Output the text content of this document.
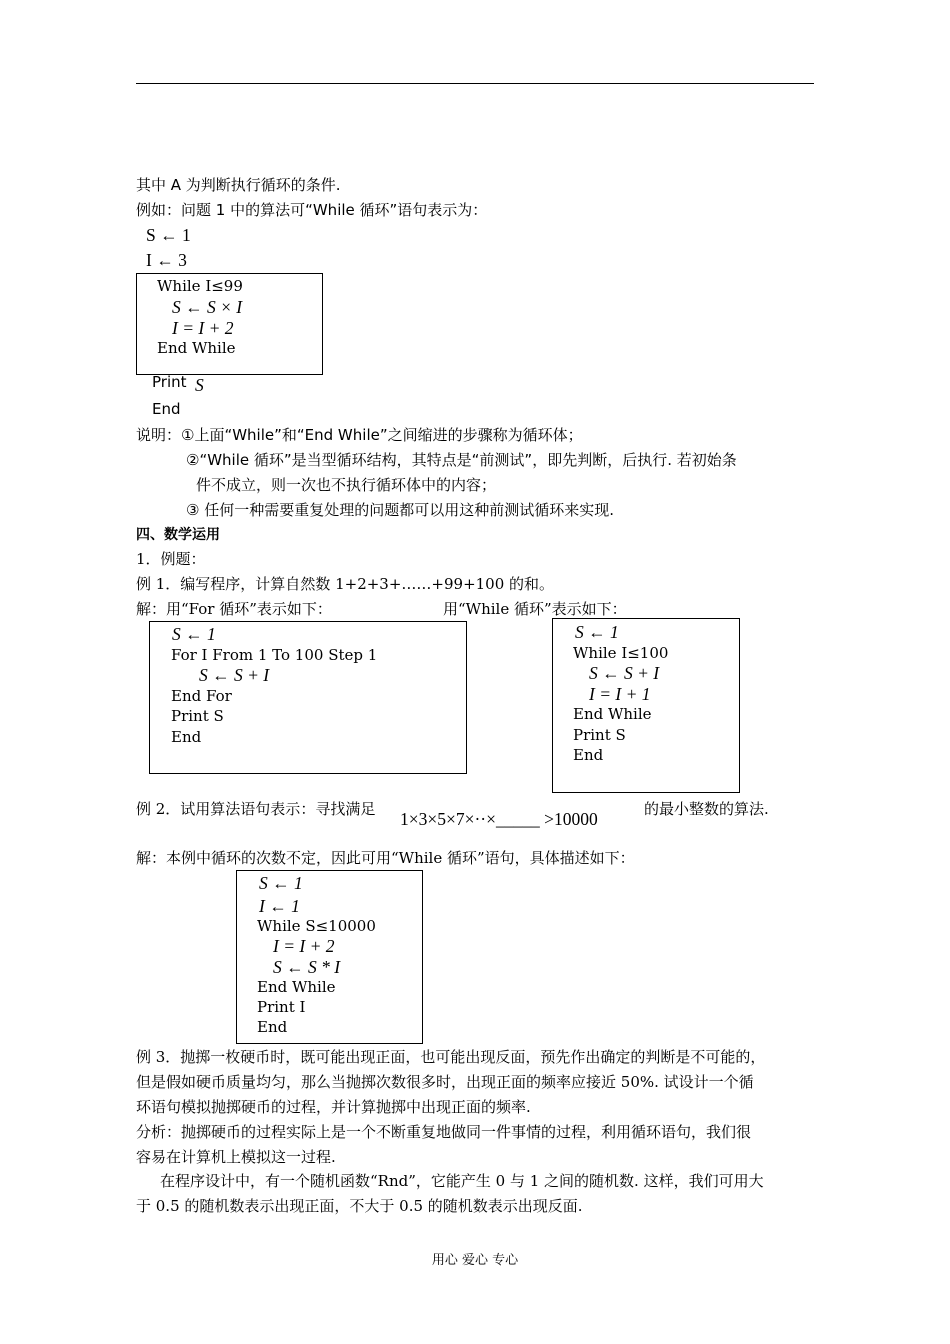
其中 A 为判断执行循环的条件.
例如：问题 1 中的算法可“While 循环”语句表示为：
S ← 1
I ← 3
While I≤99
S ← S × I
I = I + 2
End While
Print S
End
说明：①上面“While”和“End While”之间缩进的步骤称为循环体；
②“While 循环”是当型循环结构，其特点是“前测试”，即先判断，后执行. 若初始条
件不成立，则一次也不执行循环体中的内容；
③ 任何一种需要重复处理的问题都可以用这种前测试循环来实现.
四、数学运用
1．例题：
例 1．编写程序，计算自然数 1+2+3+……+99+100 的和。
解：用“For 循环”表示如下：	用“While 循环”表示如下：
S ← 1
For I From 1 To 100 Step 1
S ← S + I
End For
Print S
End
S ← 1
While I≤100
S ← S + I
I = I + 1
End While
Print S
End
例 2．试用算法语句表示：寻找满足 1×3×5×7×··×_____ >10000	的最小整数的算法.
解：本例中循环的次数不定，因此可用“While 循环”语句，具体描述如下：
S ← 1
I ← 1
While S≤10000
I = I + 2
S ← S * I
End While
Print I
End
例 3．抛掷一枚硬币时，既可能出现正面，也可能出现反面，预先作出确定的判断是不可能的，
但是假如硬币质量均匀，那么当抛掷次数很多时，出现正面的频率应接近 50%. 试设计一个循
环语句模拟抛掷硬币的过程，并计算抛掷中出现正面的频率.
分析：抛掷硬币的过程实际上是一个不断重复地做同一件事情的过程，利用循环语句，我们很
容易在计算机上模拟这一过程.
在程序设计中，有一个随机函数“Rnd”，它能产生 0 与 1 之间的随机数. 这样，我们可用大
于 0.5 的随机数表示出现正面，不大于 0.5 的随机数表示出现反面.
用心 爱心 专心
